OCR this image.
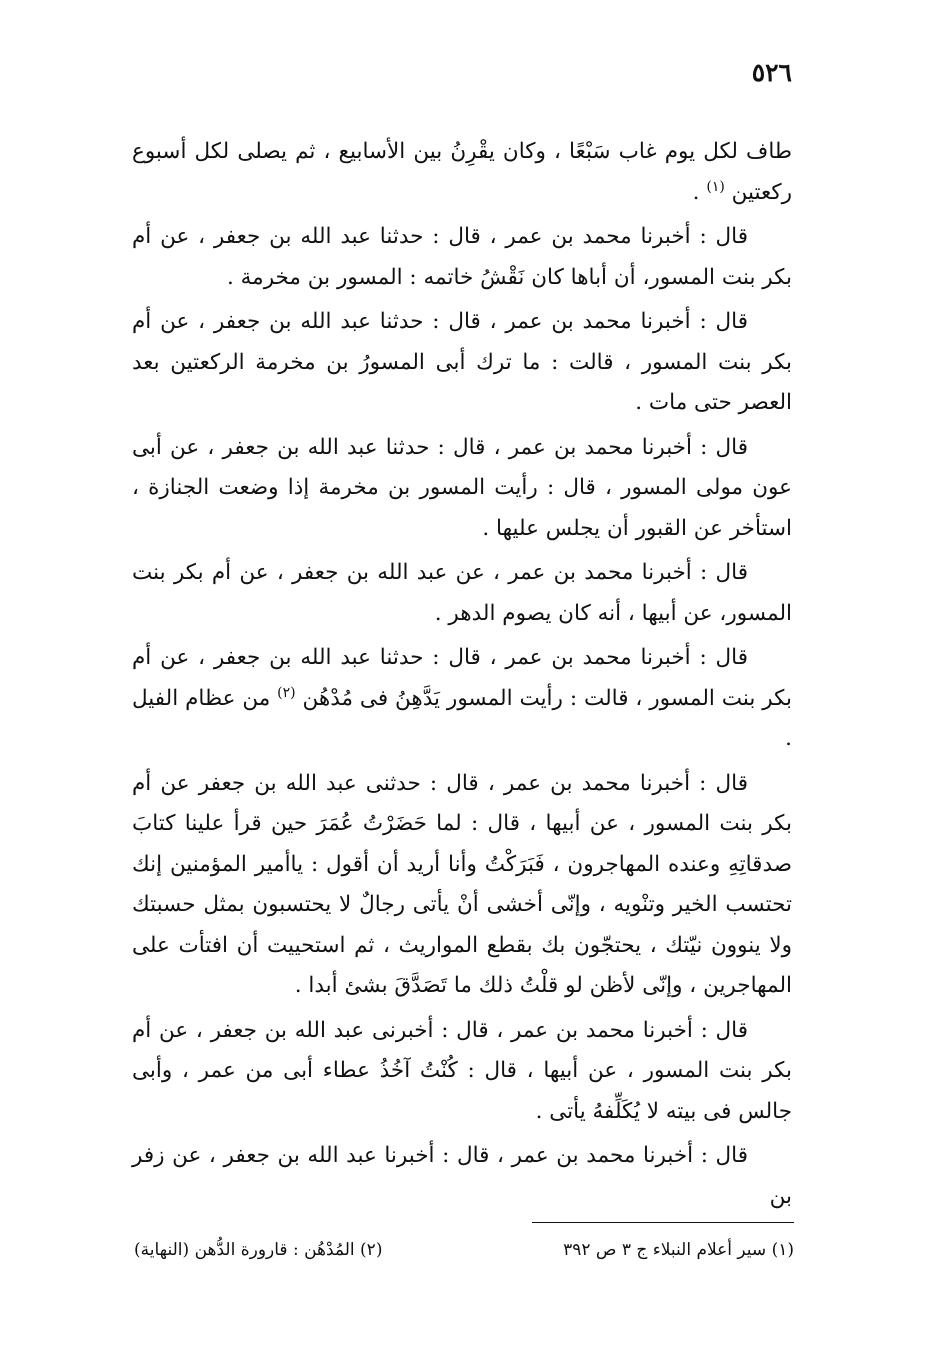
٥٢٦

طاف لكل يوم غاب سَبْعًا ، وكان يقْرِنُ بين الأسابيع ، ثم يصلى لكل أسبوع ركعتين $^{(١)}$ .

قال : أخبرنا محمد بن عمر ، قال : حدثنا عبد الله بن جعفر ، عن أم بكر بنت المسور، أن أباها كان نَقْشُ خاتمه : المسور بن مخرمة .

قال : أخبرنا محمد بن عمر ، قال : حدثنا عبد الله بن جعفر ، عن أم بكر بنت المسور ، قالت : ما ترك أبى المسورُ بن مخرمة الركعتين بعد العصر حتى مات .

قال : أخبرنا محمد بن عمر ، قال : حدثنا عبد الله بن جعفر ، عن أبى عون مولى المسور ، قال : رأيت المسور بن مخرمة إذا وضعت الجنازة ، استأخر عن القبور أن يجلس عليها .

قال : أخبرنا محمد بن عمر ، عن عبد الله بن جعفر ، عن أم بكر بنت المسور، عن أبيها ، أنه كان يصوم الدهر .

قال : أخبرنا محمد بن عمر ، قال : حدثنا عبد الله بن جعفر ، عن أم بكر بنت المسور ، قالت : رأيت المسور يَدَّهِنُ فى مُدْهُن $^{(٢)}$ من عظام الفيل .

قال : أخبرنا محمد بن عمر ، قال : حدثنى عبد الله بن جعفر عن أم بكر بنت المسور ، عن أبيها ، قال : لما حَضَرْتُ عُمَرَ حين قرأ علينا كتابَ صدقاتِهِ وعنده المهاجرون ، فَبَرَكْتُ وأنا أريد أن أقول : ياأمير المؤمنين إنك تحتسب الخير وتنْويه ، وإنّى أخشى أنْ يأتى رجالٌ لا يحتسبون بمثل حسبتك ولا ينوون نيّتك ، يحتجّون بك بقطع المواريث ، ثم استحييت أن افتأت على المهاجرين ، وإنّى لأظن لو قلْتُ ذلك ما تَصَدَّقَ بشئ أبدا .

قال : أخبرنا محمد بن عمر ، قال : أخبرنى عبد الله بن جعفر ، عن أم بكر بنت المسور ، عن أبيها ، قال : كُنْتُ آخُذُ عطاء أبى من عمر ، وأبى جالس فى بيته لا يُكَلِّفهُ يأتى .

قال : أخبرنا محمد بن عمر ، قال : أخبرنا عبد الله بن جعفر ، عن زفر بن

(١) سير أعلام النبلاء ج ٣ ص ٣٩٢
(٢) المُدْهُن : قارورة الدُّهن (النهاية)
